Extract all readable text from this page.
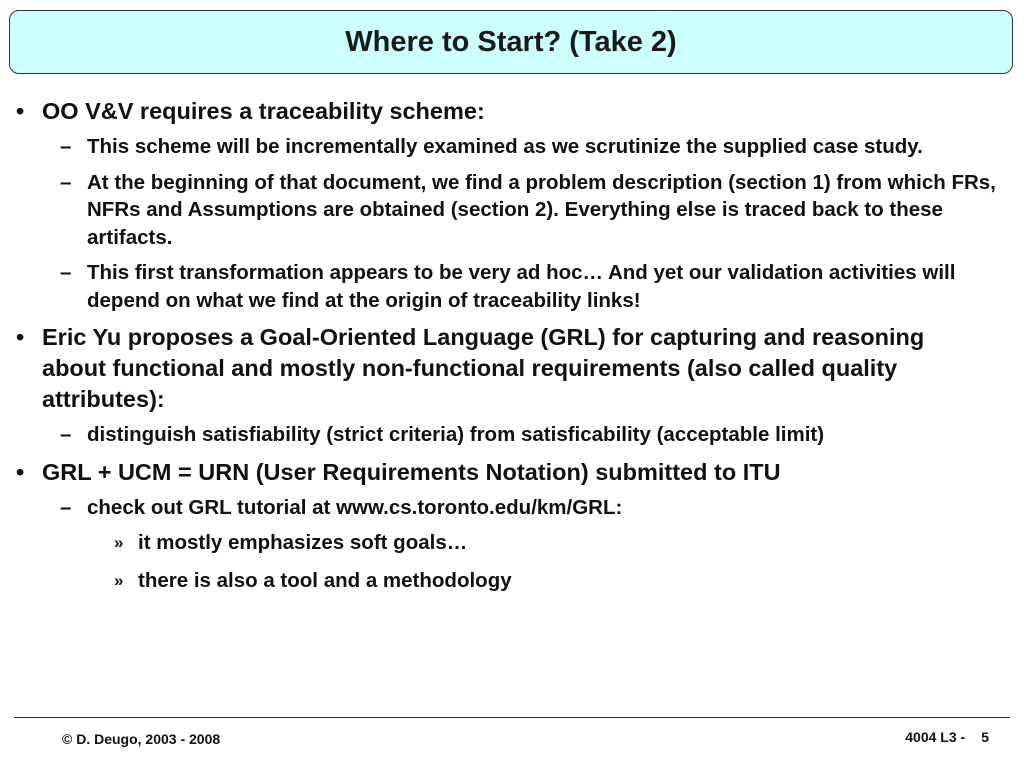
Where to Start? (Take 2)
• OO V&V requires a traceability scheme:
– This scheme will be incrementally examined as we scrutinize the supplied case study.
– At the beginning of that document, we find a problem description (section 1) from which FRs, NFRs and Assumptions are obtained (section 2). Everything else is traced back to these artifacts.
– This first transformation appears to be very ad hoc… And yet our validation activities will depend on what we find at the origin of traceability links!
• Eric Yu proposes a Goal-Oriented Language (GRL) for capturing and reasoning about functional and mostly non-functional requirements (also called quality attributes):
– distinguish satisfiability (strict criteria) from satisficability (acceptable limit)
• GRL + UCM = URN (User Requirements Notation) submitted to ITU
– check out GRL tutorial at www.cs.toronto.edu/km/GRL:
» it mostly emphasizes soft goals…
» there is also a tool and a methodology
© D. Deugo, 2003 - 2008	4004 L3 - 5
